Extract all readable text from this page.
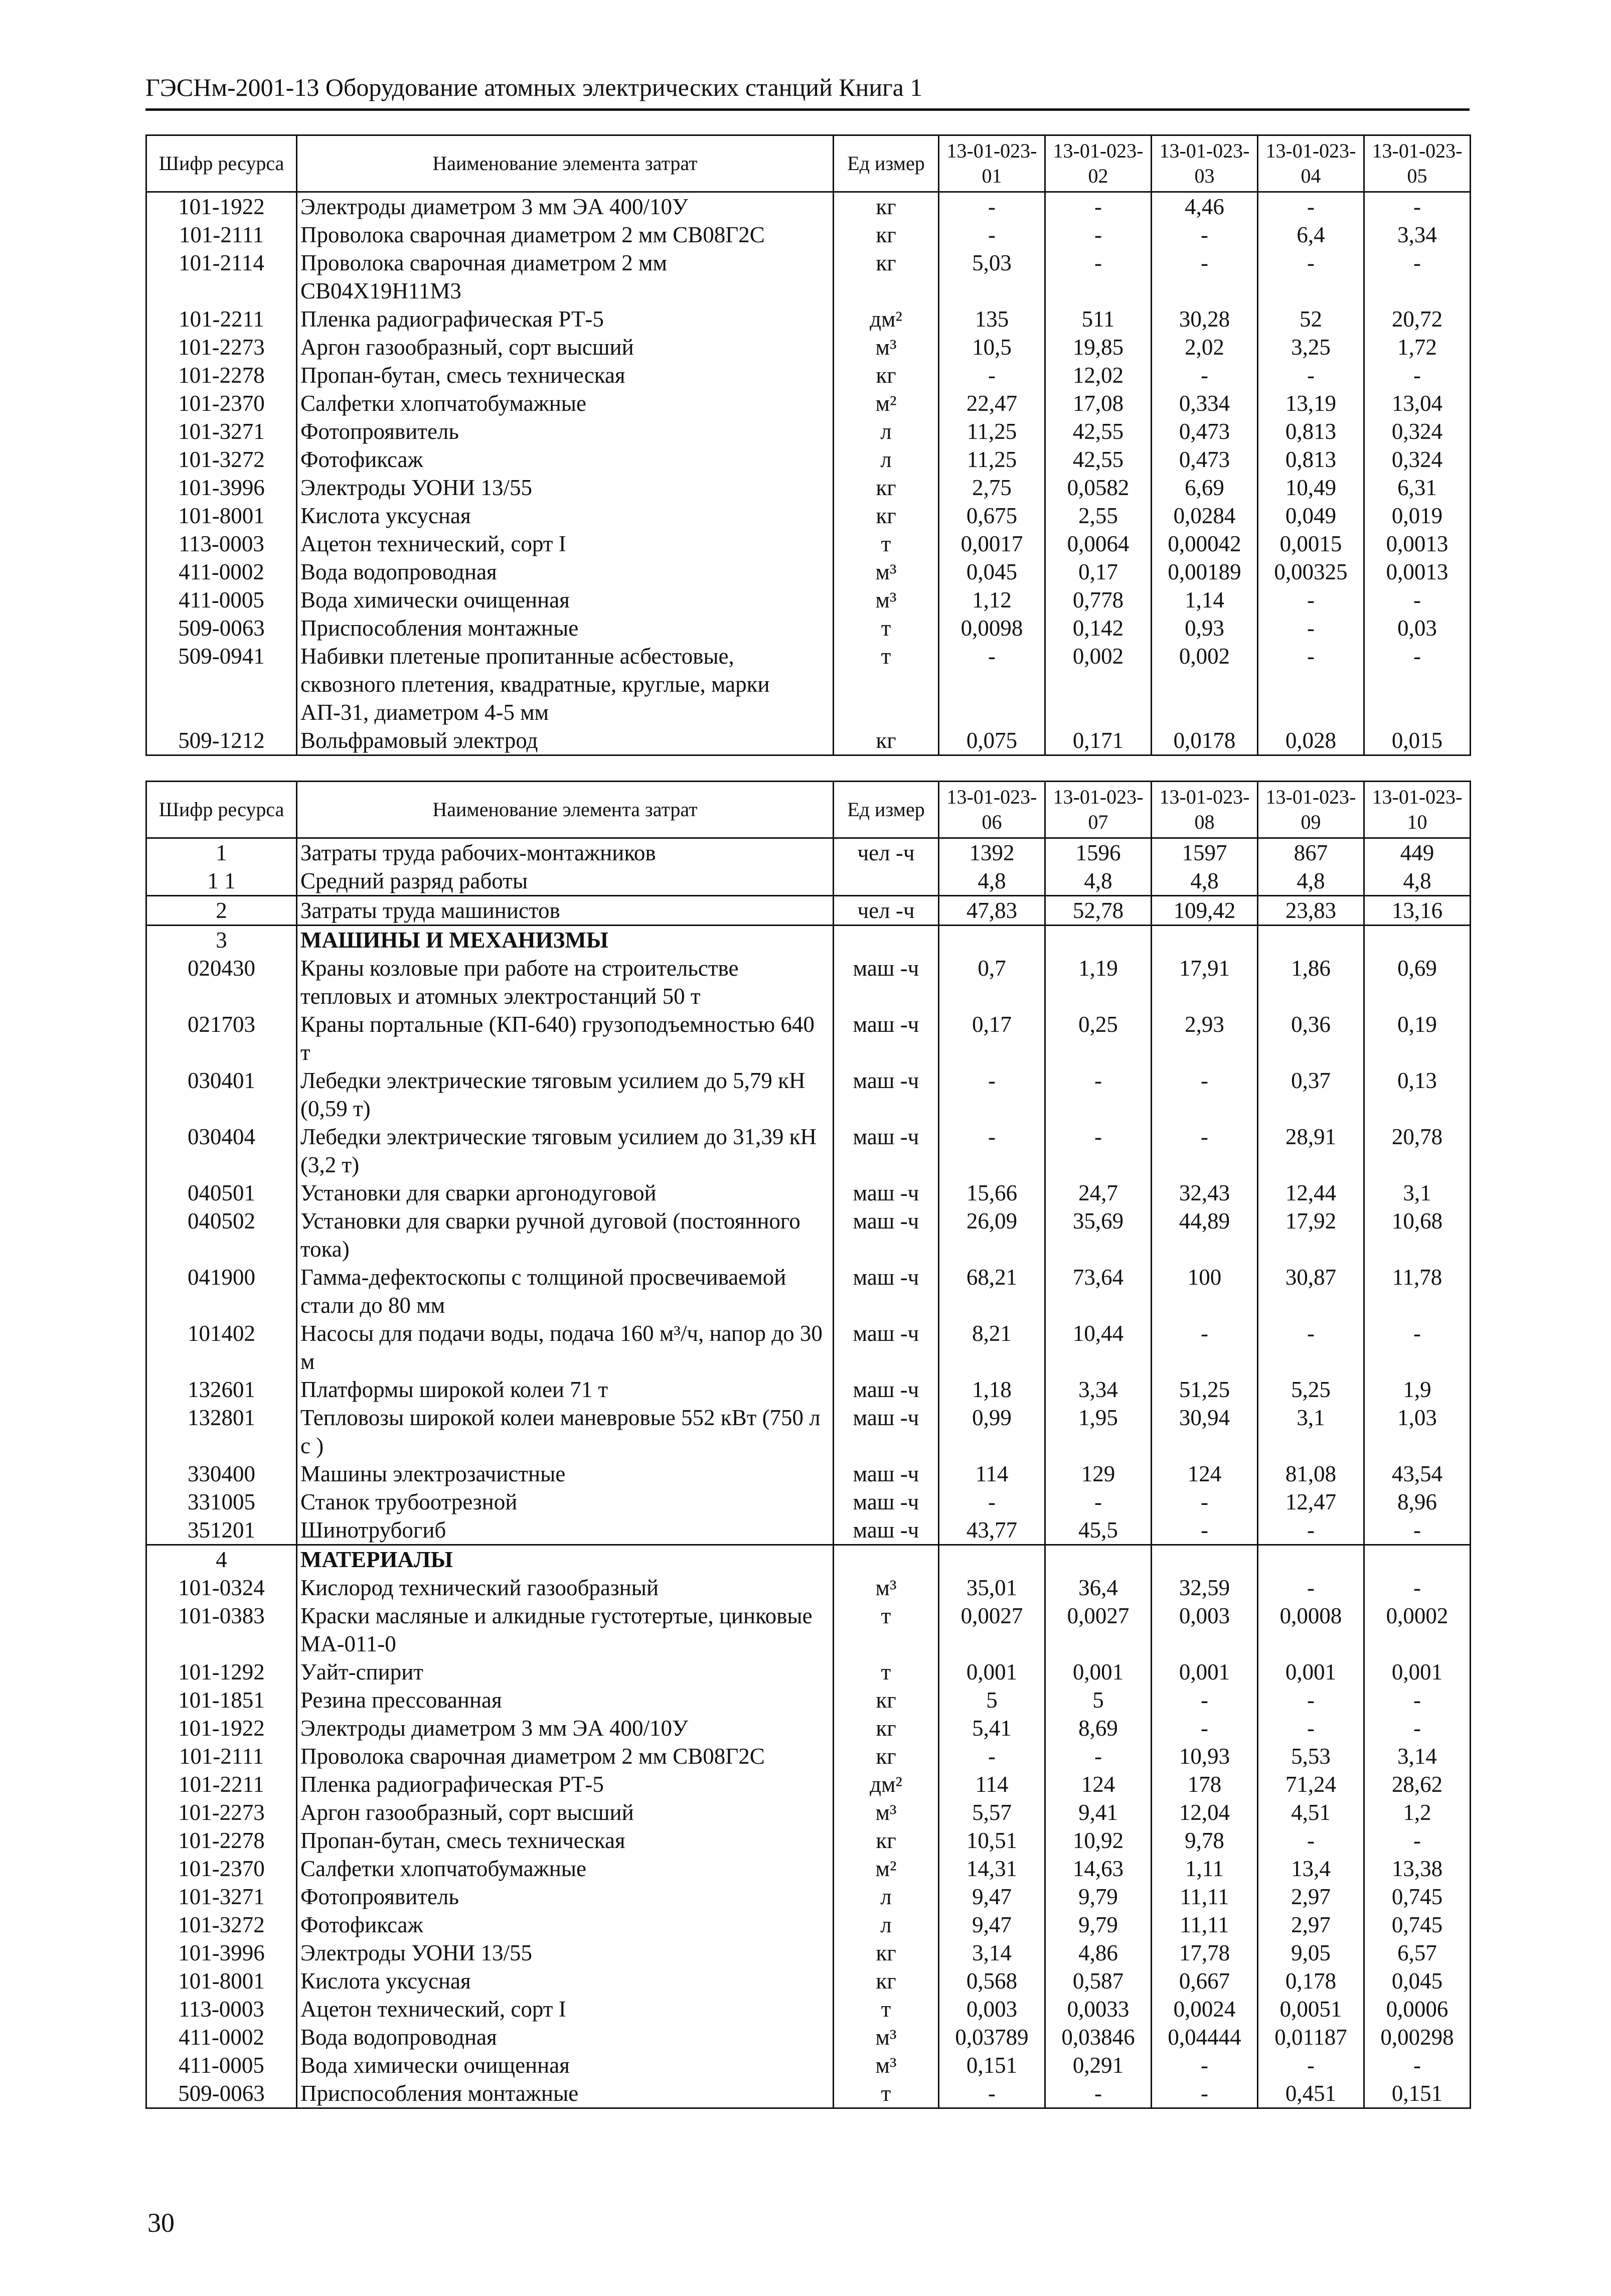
ГЭСНм-2001-13 Оборудование атомных электрических станций Книга 1
Шифр ресурса	Наименование элемента затрат	Ед измер	13-01-023-01	13-01-023-02	13-01-023-03	13-01-023-04	13-01-023-05
101-1922	Электроды диаметром 3 мм ЭА 400/10У	кг	-	-	4,46	-	-
101-2111	Проволока сварочная диаметром 2 мм СВ08Г2С	кг	-	-	-	6,4	3,34
101-2114	Проволока сварочная диаметром 2 мм СВ04Х19Н11М3	кг	5,03	-	-	-	-
101-2211	Пленка радиографическая РТ-5	дм²	135	511	30,28	52	20,72
101-2273	Аргон газообразный, сорт высший	м³	10,5	19,85	2,02	3,25	1,72
101-2278	Пропан-бутан, смесь техническая	кг	-	12,02	-	-	-
101-2370	Салфетки хлопчатобумажные	м²	22,47	17,08	0,334	13,19	13,04
101-3271	Фотопроявитель	л	11,25	42,55	0,473	0,813	0,324
101-3272	Фотофиксаж	л	11,25	42,55	0,473	0,813	0,324
101-3996	Электроды УОНИ 13/55	кг	2,75	0,0582	6,69	10,49	6,31
101-8001	Кислота уксусная	кг	0,675	2,55	0,0284	0,049	0,019
113-0003	Ацетон технический, сорт I	т	0,0017	0,0064	0,00042	0,0015	0,0013
411-0002	Вода водопроводная	м³	0,045	0,17	0,00189	0,00325	0,0013
411-0005	Вода химически очищенная	м³	1,12	0,778	1,14	-	-
509-0063	Приспособления монтажные	т	0,0098	0,142	0,93	-	0,03
509-0941	Набивки плетеные пропитанные асбестовые, сквозного плетения, квадратные, круглые, марки АП-31, диаметром 4-5 мм	т	-	0,002	0,002	-	-
509-1212	Вольфрамовый электрод	кг	0,075	0,171	0,0178	0,028	0,015
Шифр ресурса	Наименование элемента затрат	Ед измер	13-01-023-06	13-01-023-07	13-01-023-08	13-01-023-09	13-01-023-10
1	Затраты труда рабочих-монтажников	чел -ч	1392	1596	1597	867	449
1 1	Средний разряд работы		4,8	4,8	4,8	4,8	4,8
2	Затраты труда машинистов	чел -ч	47,83	52,78	109,42	23,83	13,16
3	МАШИНЫ И МЕХАНИЗМЫ						
020430	Краны козловые при работе на строительстве тепловых и атомных электростанций 50 т	маш -ч	0,7	1,19	17,91	1,86	0,69
021703	Краны портальные (КП-640) грузоподъемностью 640 т	маш -ч	0,17	0,25	2,93	0,36	0,19
030401	Лебедки электрические тяговым усилием до 5,79 кН (0,59 т)	маш -ч	-	-	-	0,37	0,13
030404	Лебедки электрические тяговым усилием до 31,39 кН (3,2 т)	маш -ч	-	-	-	28,91	20,78
040501	Установки для сварки аргонодуговой	маш -ч	15,66	24,7	32,43	12,44	3,1
040502	Установки для сварки ручной дуговой (постоянного тока)	маш -ч	26,09	35,69	44,89	17,92	10,68
041900	Гамма-дефектоскопы с толщиной просвечиваемой стали до 80 мм	маш -ч	68,21	73,64	100	30,87	11,78
101402	Насосы для подачи воды, подача 160 м³/ч, напор до 30 м	маш -ч	8,21	10,44	-	-	-
132601	Платформы широкой колеи 71 т	маш -ч	1,18	3,34	51,25	5,25	1,9
132801	Тепловозы широкой колеи маневровые 552 кВт (750 л с )	маш -ч	0,99	1,95	30,94	3,1	1,03
330400	Машины электрозачистные	маш -ч	114	129	124	81,08	43,54
331005	Станок трубоотрезной	маш -ч	-	-	-	12,47	8,96
351201	Шинотрубогиб	маш -ч	43,77	45,5	-	-	-
4	МАТЕРИАЛЫ						
101-0324	Кислород технический газообразный	м³	35,01	36,4	32,59	-	-
101-0383	Краски масляные и алкидные густотертые, цинковые МА-011-0	т	0,0027	0,0027	0,003	0,0008	0,0002
101-1292	Уайт-спирит	т	0,001	0,001	0,001	0,001	0,001
101-1851	Резина прессованная	кг	5	5	-	-	-
101-1922	Электроды диаметром 3 мм ЭА 400/10У	кг	5,41	8,69	-	-	-
101-2111	Проволока сварочная диаметром 2 мм СВ08Г2С	кг	-	-	10,93	5,53	3,14
101-2211	Пленка радиографическая РТ-5	дм²	114	124	178	71,24	28,62
101-2273	Аргон газообразный, сорт высший	м³	5,57	9,41	12,04	4,51	1,2
101-2278	Пропан-бутан, смесь техническая	кг	10,51	10,92	9,78	-	-
101-2370	Салфетки хлопчатобумажные	м²	14,31	14,63	1,11	13,4	13,38
101-3271	Фотопроявитель	л	9,47	9,79	11,11	2,97	0,745
101-3272	Фотофиксаж	л	9,47	9,79	11,11	2,97	0,745
101-3996	Электроды УОНИ 13/55	кг	3,14	4,86	17,78	9,05	6,57
101-8001	Кислота уксусная	кг	0,568	0,587	0,667	0,178	0,045
113-0003	Ацетон технический, сорт I	т	0,003	0,0033	0,0024	0,0051	0,0006
411-0002	Вода водопроводная	м³	0,03789	0,03846	0,04444	0,01187	0,00298
411-0005	Вода химически очищенная	м³	0,151	0,291	-	-	-
509-0063	Приспособления монтажные	т	-	-	-	0,451	0,151
30
